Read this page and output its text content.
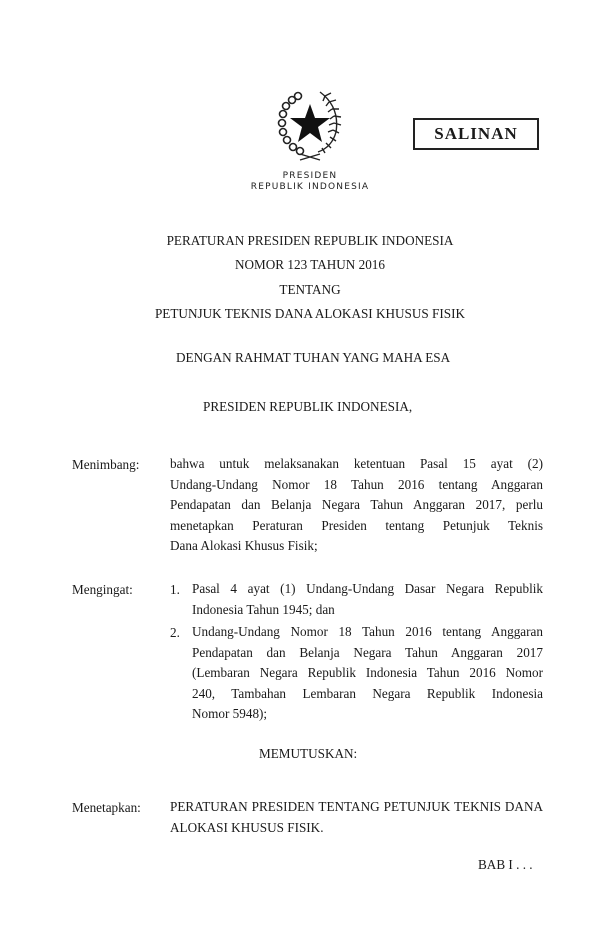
SALINAN
PRESIDEN
REPUBLIK INDONESIA
PERATURAN PRESIDEN REPUBLIK INDONESIA
NOMOR 123 TAHUN 2016
TENTANG
PETUNJUK TEKNIS DANA ALOKASI KHUSUS FISIK
DENGAN RAHMAT TUHAN YANG MAHA ESA
PRESIDEN REPUBLIK INDONESIA,
Menimbang: bahwa untuk melaksanakan ketentuan Pasal 15 ayat (2)
Undang-Undang Nomor 18 Tahun 2016 tentang Anggaran
Pendapatan dan Belanja Negara Tahun Anggaran 2017, perlu
menetapkan Peraturan Presiden tentang Petunjuk Teknis
Dana Alokasi Khusus Fisik;
Mengingat:	1. Pasal 4 ayat (1) Undang-Undang Dasar Negara Republik
Indonesia Tahun 1945; dan
2. Undang-Undang Nomor 18 Tahun 2016 tentang Anggaran
Pendapatan dan Belanja Negara Tahun Anggaran 2017
(Lembaran Negara Republik Indonesia Tahun 2016 Nomor
240, Tambahan Lembaran Negara Republik Indonesia
Nomor 5948);
MEMUTUSKAN:
Menetapkan: PERATURAN PRESIDEN TENTANG PETUNJUK TEKNIS DANA
ALOKASI KHUSUS FISIK.
BAB I . . .
